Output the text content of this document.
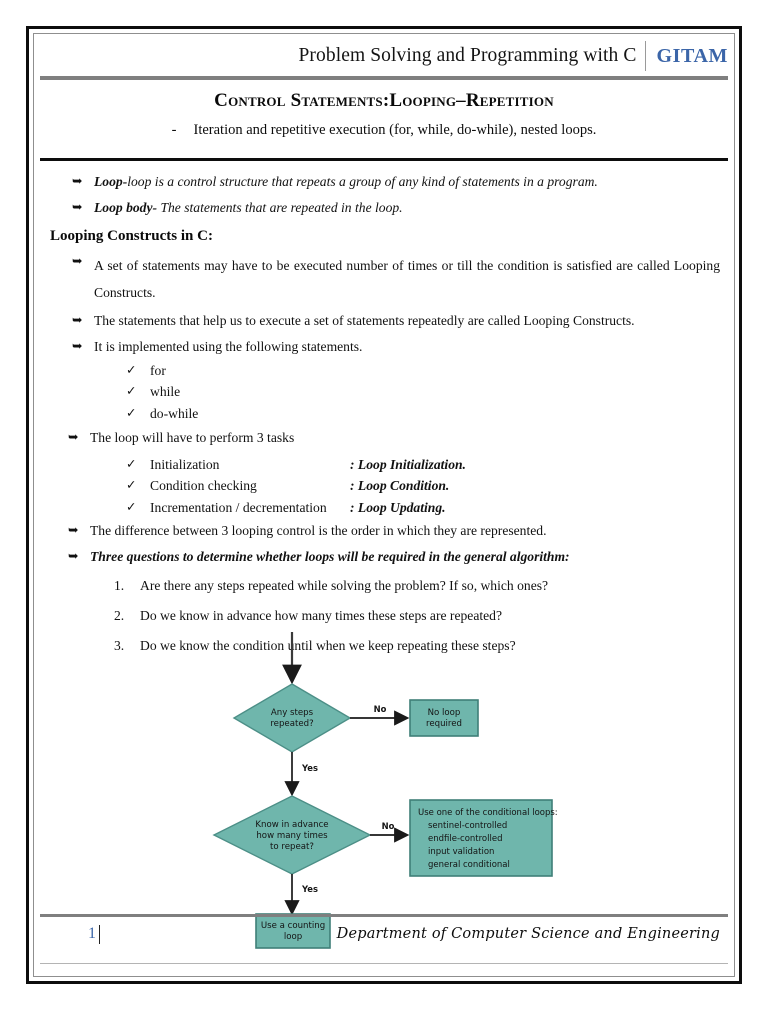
Problem Solving and Programming with C	GITAM
Control Statements:Looping–Repetition
- Iteration and repetitive execution (for, while, do-while), nested loops.
➥ Loop-loop is a control structure that repeats a group of any kind of statements in a program.
➥ Loop body- The statements that are repeated in the loop.
Looping Constructs in C:
➥ A set of statements may have to be executed number of times or till the condition is satisfied are called Looping Constructs.
➥ The statements that help us to execute a set of statements repeatedly are called Looping Constructs.
➥ It is implemented using the following statements.
✓ for
✓ while
✓ do-while
➥ The loop will have to perform 3 tasks
✓ Initialization	: Loop Initialization.
✓ Condition checking	: Loop Condition.
✓ Incrementation / decrementation	: Loop Updating.
➥ The difference between 3 looping control is the order in which they are represented.
➥ Three questions to determine whether loops will be required in the general algorithm:
1.	Are there any steps repeated while solving the problem? If so, which ones?
2.	Do we know in advance how many times these steps are repeated?
3.	Do we know the condition until when we keep repeating these steps?
Any steps
repeated?
No	No loop
required
Yes
Know in advance
how many times
to repeat?
No
Use one of the conditional loops:
sentinel-controlled
endfile-controlled
input validation
general conditional
Yes
Use a counting
loop
1	Department of Computer Science and Engineering
